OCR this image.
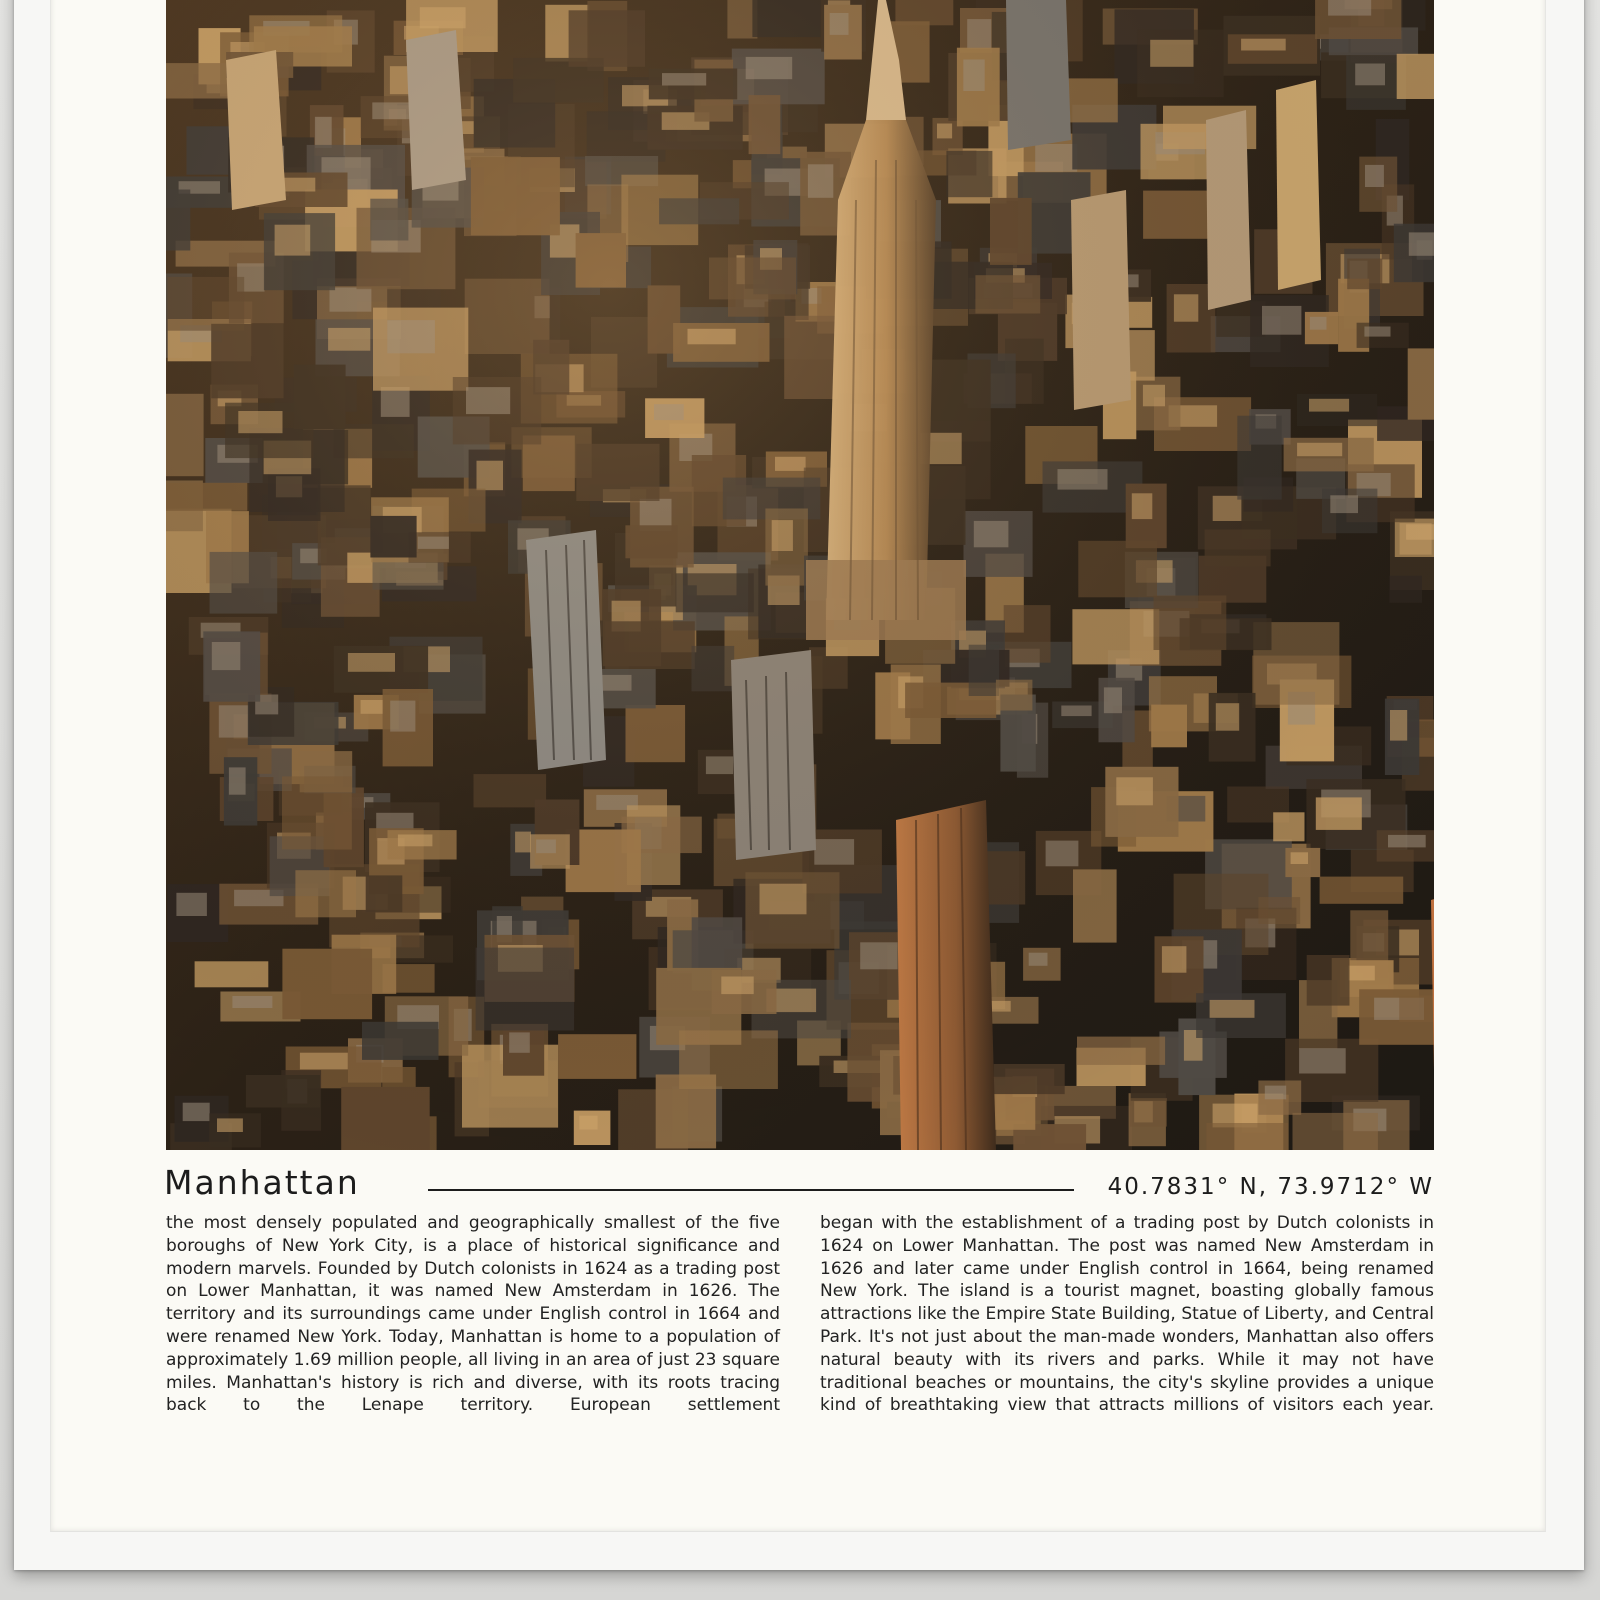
Manhattan	40.7831° N, 73.9712° W
the most densely populated and geographically smallest of the five boroughs of New York City, is a place of historical significance and modern marvels. Founded by Dutch colonists in 1624 as a trading post on Lower Manhattan, it was named New Amsterdam in 1626. The territory and its surroundings came under English control in 1664 and were renamed New York. Today, Manhattan is home to a population of approximately 1.69 million people, all living in an area of just 23 square miles. Manhattan's history is rich and diverse, with its roots tracing back to the Lenape territory. European settlement
began with the establishment of a trading post by Dutch colonists in 1624 on Lower Manhattan. The post was named New Amsterdam in 1626 and later came under English control in 1664, being renamed New York. The island is a tourist magnet, boasting globally famous attractions like the Empire State Building, Statue of Liberty, and Central Park. It's not just about the man-made wonders, Manhattan also offers natural beauty with its rivers and parks. While it may not have traditional beaches or mountains, the city's skyline provides a unique kind of breathtaking view that attracts millions of visitors each year.
